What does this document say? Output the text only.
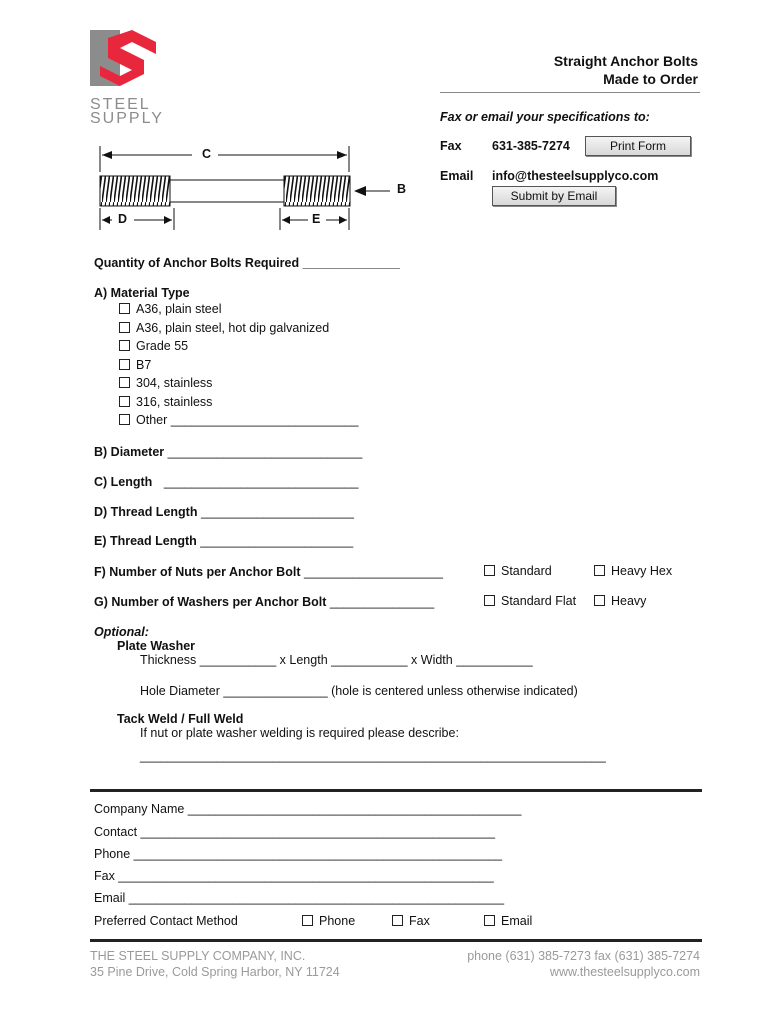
STEEL
SUPPLY
Straight Anchor Bolts
Made to Order
Fax or email your specifications to:
Fax 631-385-7274	Print Form
Email info@thesteelsupplyco.com
Submit by Email
C
B
D	E
Quantity of Anchor Bolts Required ______________
A) Material Type
A36, plain steel
A36, plain steel, hot dip galvanized
Grade 55
B7
304, stainless
316, stainless
Other ___________________________
B) Diameter ____________________________
C) Length ____________________________
D) Thread Length ______________________
E) Thread Length ______________________
F) Number of Nuts per Anchor Bolt ____________________	Standard	Heavy Hex
G) Number of Washers per Anchor Bolt _______________	Standard Flat	Heavy
Optional:
Plate Washer
Thickness ___________ x Length ___________ x Width ___________
Hole Diameter _______________ (hole is centered unless otherwise indicated)
Tack Weld / Full Weld
If nut or plate washer welding is required please describe:
___________________________________________________________________
Company Name ________________________________________________
Contact ___________________________________________________
Phone _____________________________________________________
Fax ______________________________________________________
Email ______________________________________________________
Preferred Contact Method	Phone	Fax	Email
THE STEEL SUPPLY COMPANY, INC.
35 Pine Drive, Cold Spring Harbor, NY 11724
phone (631) 385-7273 fax (631) 385-7274
www.thesteelsupplyco.com
